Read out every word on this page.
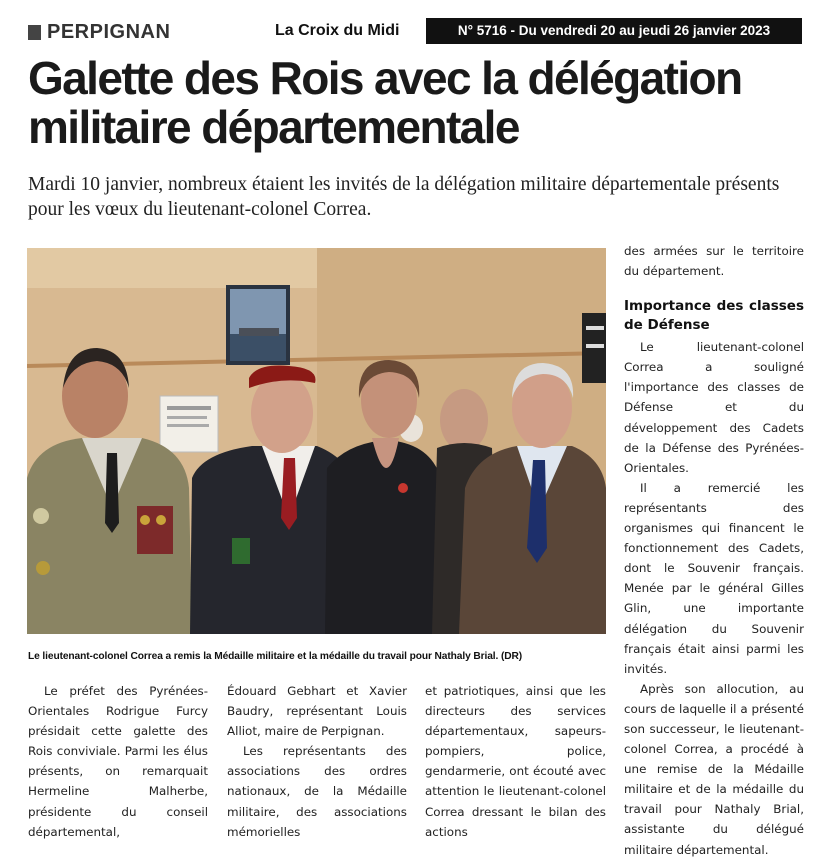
PERPIGNAN	La Croix du Midi	N° 5716 - Du vendredi 20 au jeudi 26 janvier 2023
Galette des Rois avec la délégation
militaire départementale

Mardi 10 janvier, nombreux étaient les invités de la délégation militaire départementale présents pour les vœux du lieutenant-colonel Correa.

Le lieutenant-colonel Correa a remis la Médaille militaire et la médaille du travail pour Nathaly Brial. (DR)

Le préfet des Pyrénées-Orientales Rodrigue Furcy présidait cette galette des Rois conviviale. Parmi les élus présents, on remarquait Hermeline Malherbe, présidente du conseil départemental,

Édouard Gebhart et Xavier Baudry, représentant Louis Alliot, maire de Perpignan.

Les représentants des associations des ordres nationaux, de la Médaille militaire, des associations mémorielles

et patriotiques, ainsi que les directeurs des services départementaux, sapeurs-pompiers, police, gendarmerie, ont écouté avec attention le lieutenant-colonel Correa dressant le bilan des actions

des armées sur le territoire du département.

Importance des classes de Défense

Le lieutenant-colonel Correa a souligné l'importance des classes de Défense et du développement des Cadets de la Défense des Pyrénées-Orientales.

Il a remercié les représentants des organismes qui financent le fonctionnement des Cadets, dont le Souvenir français. Menée par le général Gilles Glin, une importante délégation du Souvenir français était ainsi parmi les invités.

Après son allocution, au cours de laquelle il a présenté son successeur, le lieutenant-colonel Correa, a procédé à une remise de la Médaille militaire et de la médaille du travail pour Nathaly Brial, assistante du délégué militaire départemental.
